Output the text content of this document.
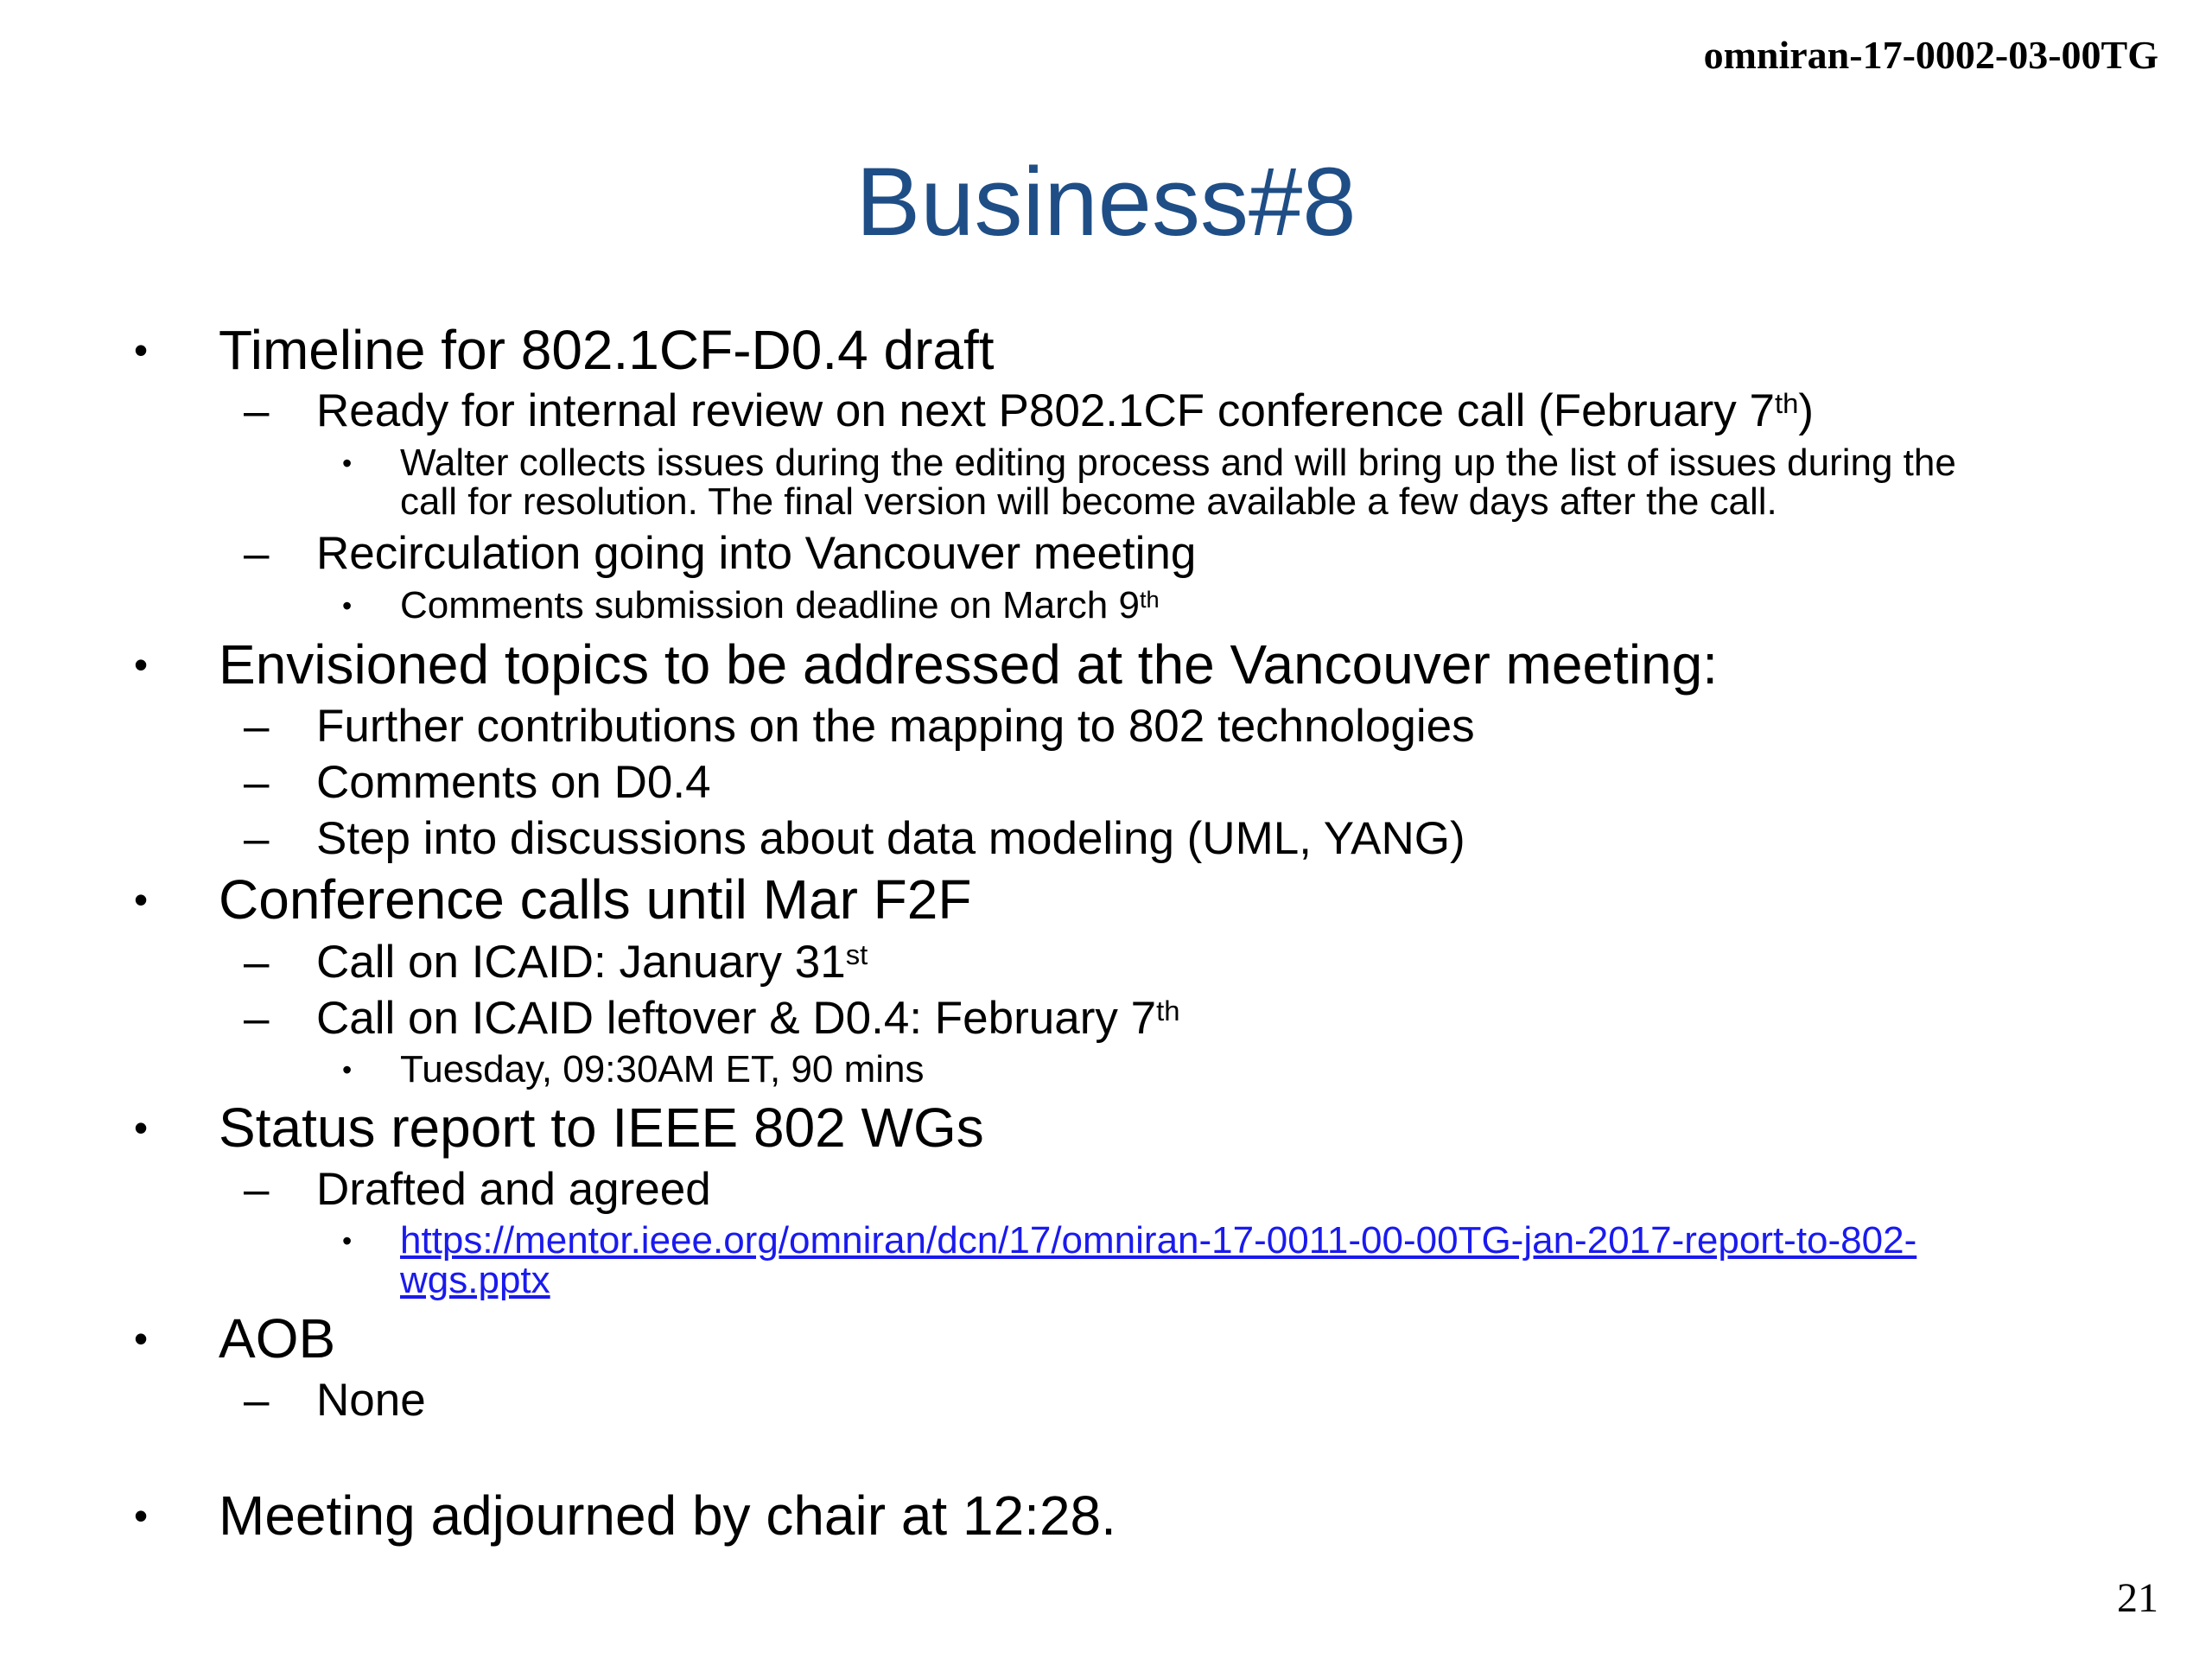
omniran-17-0002-03-00TG
Business#8
• Timeline for 802.1CF-D0.4 draft
– Ready for internal review on next P802.1CF conference call (February 7th)
• Walter collects issues during the editing process and will bring up the list of issues during the
call for resolution. The final version will become available a few days after the call.
– Recirculation going into Vancouver meeting
• Comments submission deadline on March 9th
• Envisioned topics to be addressed at the Vancouver meeting:
– Further contributions on the mapping to 802 technologies
– Comments on D0.4
– Step into discussions about data modeling (UML, YANG)
• Conference calls until Mar F2F
– Call on ICAID: January 31st
– Call on ICAID leftover & D0.4: February 7th
• Tuesday, 09:30AM ET, 90 mins
• Status report to IEEE 802 WGs
– Drafted and agreed
• https://mentor.ieee.org/omniran/dcn/17/omniran-17-0011-00-00TG-jan-2017-report-to-802-
wgs.pptx
• AOB
– None
• Meeting adjourned by chair at 12:28.
21
